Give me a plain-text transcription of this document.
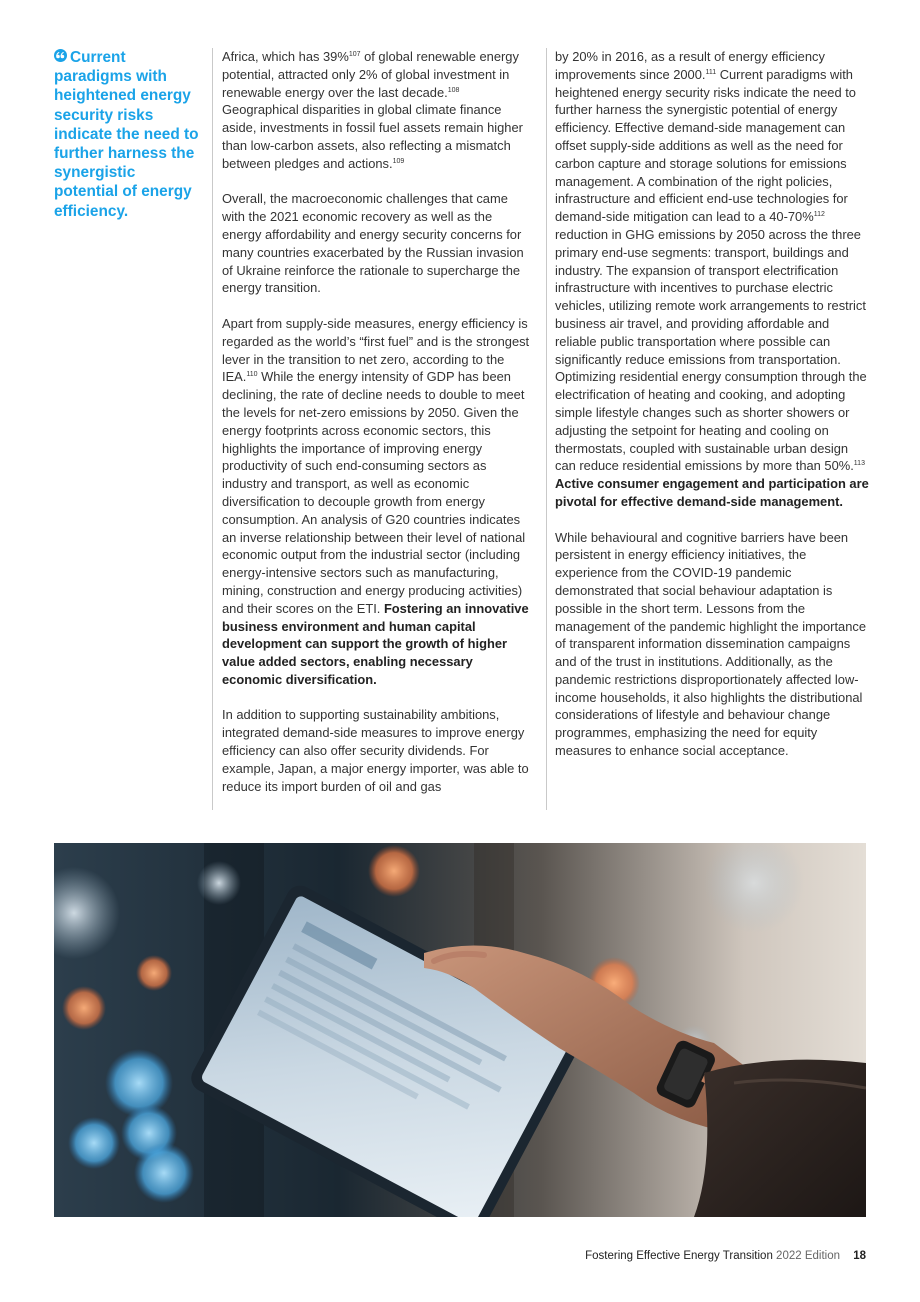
Current paradigms with heightened energy security risks indicate the need to further harness the synergistic potential of energy efficiency.

Africa, which has 39%$^{107}$ of global renewable energy potential, attracted only 2% of global investment in renewable energy over the last decade.$^{108}$ Geographical disparities in global climate finance aside, investments in fossil fuel assets remain higher than low-carbon assets, also reflecting a mismatch between pledges and actions.$^{109}$

Overall, the macroeconomic challenges that came with the 2021 economic recovery as well as the energy affordability and energy security concerns for many countries exacerbated by the Russian invasion of Ukraine reinforce the rationale to supercharge the energy transition.

Apart from supply-side measures, energy efficiency is regarded as the world’s “first fuel” and is the strongest lever in the transition to net zero, according to the IEA.$^{110}$ While the energy intensity of GDP has been declining, the rate of decline needs to double to meet the levels for net-zero emissions by 2050. Given the energy footprints across economic sectors, this highlights the importance of improving energy productivity of such end-consuming sectors as industry and transport, as well as economic diversification to decouple growth from energy consumption. An analysis of G20 countries indicates an inverse relationship between their level of national economic output from the industrial sector (including energy-intensive sectors such as manufacturing, mining, construction and energy producing activities) and their scores on the ETI. Fostering an innovative business environment and human capital development can support the growth of higher value added sectors, enabling necessary economic diversification.

In addition to supporting sustainability ambitions, integrated demand-side measures to improve energy efficiency can also offer security dividends. For example, Japan, a major energy importer, was able to reduce its import burden of oil and gas

by 20% in 2016, as a result of energy efficiency improvements since 2000.$^{111}$ Current paradigms with heightened energy security risks indicate the need to further harness the synergistic potential of energy efficiency. Effective demand-side management can offset supply-side additions as well as the need for carbon capture and storage solutions for emissions management. A combination of the right policies, infrastructure and efficient end-use technologies for demand-side mitigation can lead to a 40-70%$^{112}$ reduction in GHG emissions by 2050 across the three primary end-use segments: transport, buildings and industry. The expansion of transport electrification infrastructure with incentives to purchase electric vehicles, utilizing remote work arrangements to restrict business air travel, and providing affordable and reliable public transportation where possible can significantly reduce emissions from transportation. Optimizing residential energy consumption through the electrification of heating and cooking, and adopting simple lifestyle changes such as shorter showers or adjusting the setpoint for heating and cooling on thermostats, coupled with sustainable urban design can reduce residential emissions by more than 50%.$^{113}$ Active consumer engagement and participation are pivotal for effective demand-side management.

While behavioural and cognitive barriers have been persistent in energy efficiency initiatives, the experience from the COVID-19 pandemic demonstrated that social behaviour adaptation is possible in the short term. Lessons from the management of the pandemic highlight the importance of transparent information dissemination campaigns and of the trust in institutions. Additionally, as the pandemic restrictions disproportionately affected low-income households, it also highlights the distributional considerations of lifestyle and behaviour change programmes, emphasizing the need for equity measures to enhance social acceptance.

Fostering Effective Energy Transition 2022 Edition 18
